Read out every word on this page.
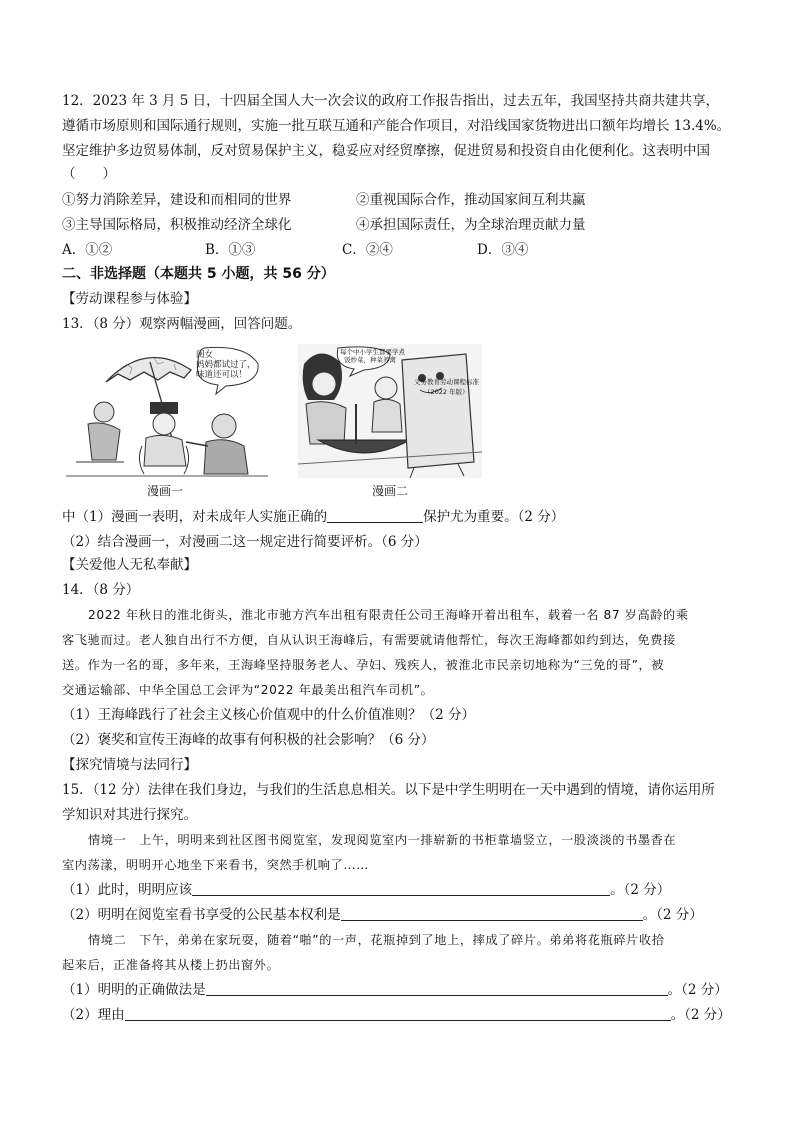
12．2023 年 3 月 5 日，十四届全国人大一次会议的政府工作报告指出，过去五年，我国坚持共商共建共享，
遵循市场原则和国际通行规则，实施一批互联互通和产能合作项目，对沿线国家货物进出口额年均增长 13.4%。
坚定维护多边贸易体制，反对贸易保护主义，稳妥应对经贸摩擦，促进贸易和投资自由化便利化。这表明中国
（　　）
①努力消除差异，建设和而相同的世界	②重视国际合作，推动国家间互利共赢
③主导国际格局，积极推动经济全球化	④承担国际责任，为全球治理贡献力量
A．①②	B．①③	C．②④	D．③④
二、非选择题（本题共 5 小题，共 56 分）
【劳动课程参与体验】
13．（8 分）观察两幅漫画，回答问题。
闺女
妈妈都试过了，
味道还可以！
每个中小学生都要学煮
饭炒菜，种菜养禽
义务教育劳动课程标准
（2022 年版）
漫画一	漫画二
中（1）漫画一表明，对未成年人实施正确的	保护尤为重要。（2 分）
（2）结合漫画一，对漫画二这一规定进行简要评析。（6 分）
【关爱他人无私奉献】
14．（8 分）
2022 年秋日的淮北街头，淮北市驰方汽车出租有限责任公司王海峰开着出租车，载着一名 87 岁高龄的乘
客飞驰而过。老人独自出行不方便，自从认识王海峰后，有需要就请他帮忙，每次王海峰都如约到达，免费接
送。作为一名的哥，多年来，王海峰坚持服务老人、孕妇、残疾人，被淮北市民亲切地称为“三免的哥”，被
交通运输部、中华全国总工会评为“2022 年最美出租汽车司机”。
（1）王海峰践行了社会主义核心价值观中的什么价值准则？（2 分）
（2）褒奖和宣传王海峰的故事有何积极的社会影响？（6 分）
【探究情境与法同行】
15．（12 分）法律在我们身边，与我们的生活息息相关。以下是中学生明明在一天中遇到的情境，请你运用所
学知识对其进行探究。
情境一　上午，明明来到社区图书阅览室，发现阅览室内一排崭新的书柜靠墙竖立，一股淡淡的书墨香在
室内荡漾，明明开心地坐下来看书，突然手机响了……
（1）此时，明明应该	。（2 分）
（2）明明在阅览室看书享受的公民基本权利是	。（2 分）
情境二　下午，弟弟在家玩耍，随着“啪”的一声，花瓶掉到了地上，摔成了碎片。弟弟将花瓶碎片收拾
起来后，正准备将其从楼上扔出窗外。
（1）明明的正确做法是	。（2 分）
（2）理由	。（2 分）
